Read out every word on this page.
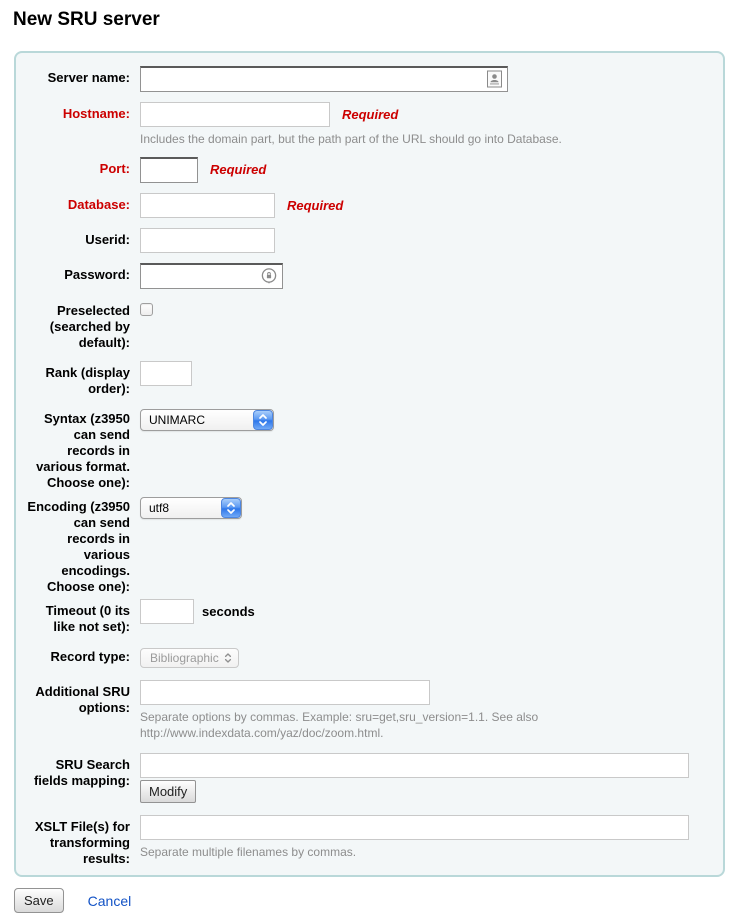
New SRU server
Server name:
Hostname:	Required
Includes the domain part, but the path part of the URL should go into Database.
Port:	Required
Database:	Required
Userid:
Password:
Preselected (searched by default):
Rank (display order):
Syntax (z3950 can send records in various format. Choose one):
UNIMARC
Encoding (z3950 can send records in various encodings. Choose one):
utf8
Timeout (0 its like not set):
seconds
Record type: Bibliographic
Additional SRU options:
Separate options by commas. Example: sru=get,sru_version=1.1. See also http://www.indexdata.com/yaz/doc/zoom.html.
SRU Search fields mapping:
Modify
XSLT File(s) for transforming results: Separate multiple filenames by commas.
Save	Cancel
